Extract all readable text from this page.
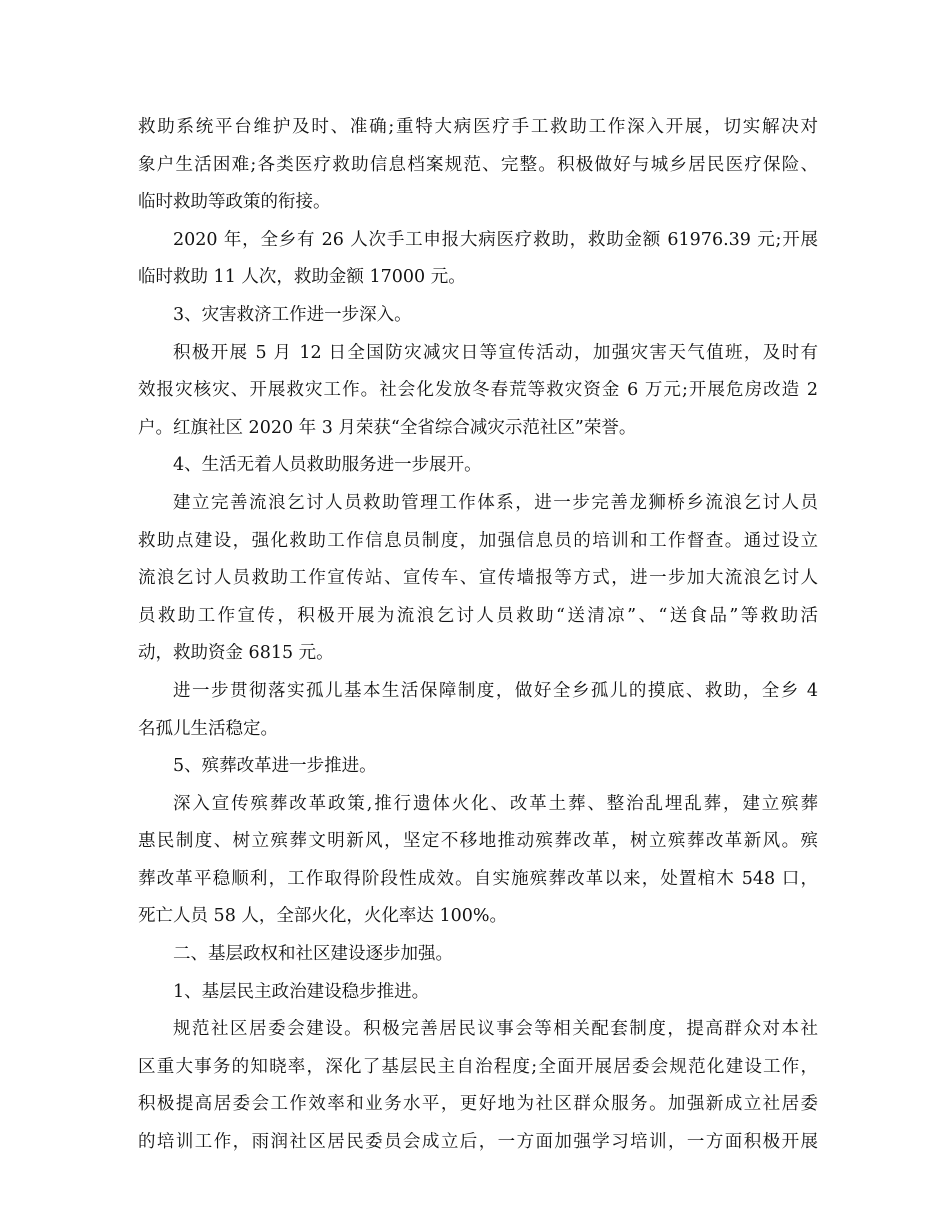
救助系统平台维护及时、准确;重特大病医疗手工救助工作深入开展，切实解决对
象户生活困难;各类医疗救助信息档案规范、完整。积极做好与城乡居民医疗保险、
临时救助等政策的衔接。
2020 年，全乡有 26 人次手工申报大病医疗救助，救助金额 61976.39 元;开展
临时救助 11 人次，救助金额 17000 元。
3、灾害救济工作进一步深入。
积极开展 5 月 12 日全国防灾减灾日等宣传活动，加强灾害天气值班，及时有
效报灾核灾、开展救灾工作。社会化发放冬春荒等救灾资金 6 万元;开展危房改造 2
户。红旗社区 2020 年 3 月荣获“全省综合减灾示范社区”荣誉。
4、生活无着人员救助服务进一步展开。
建立完善流浪乞讨人员救助管理工作体系，进一步完善龙狮桥乡流浪乞讨人员
救助点建设，强化救助工作信息员制度，加强信息员的培训和工作督查。通过设立
流浪乞讨人员救助工作宣传站、宣传车、宣传墙报等方式，进一步加大流浪乞讨人
员救助工作宣传，积极开展为流浪乞讨人员救助“送清凉”、“送食品”等救助活
动，救助资金 6815 元。
进一步贯彻落实孤儿基本生活保障制度，做好全乡孤儿的摸底、救助，全乡 4
名孤儿生活稳定。
5、殡葬改革进一步推进。
深入宣传殡葬改革政策,推行遗体火化、改革土葬、整治乱埋乱葬，建立殡葬
惠民制度、树立殡葬文明新风，坚定不移地推动殡葬改革，树立殡葬改革新风。殡
葬改革平稳顺利，工作取得阶段性成效。自实施殡葬改革以来，处置棺木 548 口，
死亡人员 58 人，全部火化，火化率达 100%。
二、基层政权和社区建设逐步加强。
1、基层民主政治建设稳步推进。
规范社区居委会建设。积极完善居民议事会等相关配套制度，提高群众对本社
区重大事务的知晓率，深化了基层民主自治程度;全面开展居委会规范化建设工作，
积极提高居委会工作效率和业务水平，更好地为社区群众服务。加强新成立社居委
的培训工作，雨润社区居民委员会成立后，一方面加强学习培训，一方面积极开展
